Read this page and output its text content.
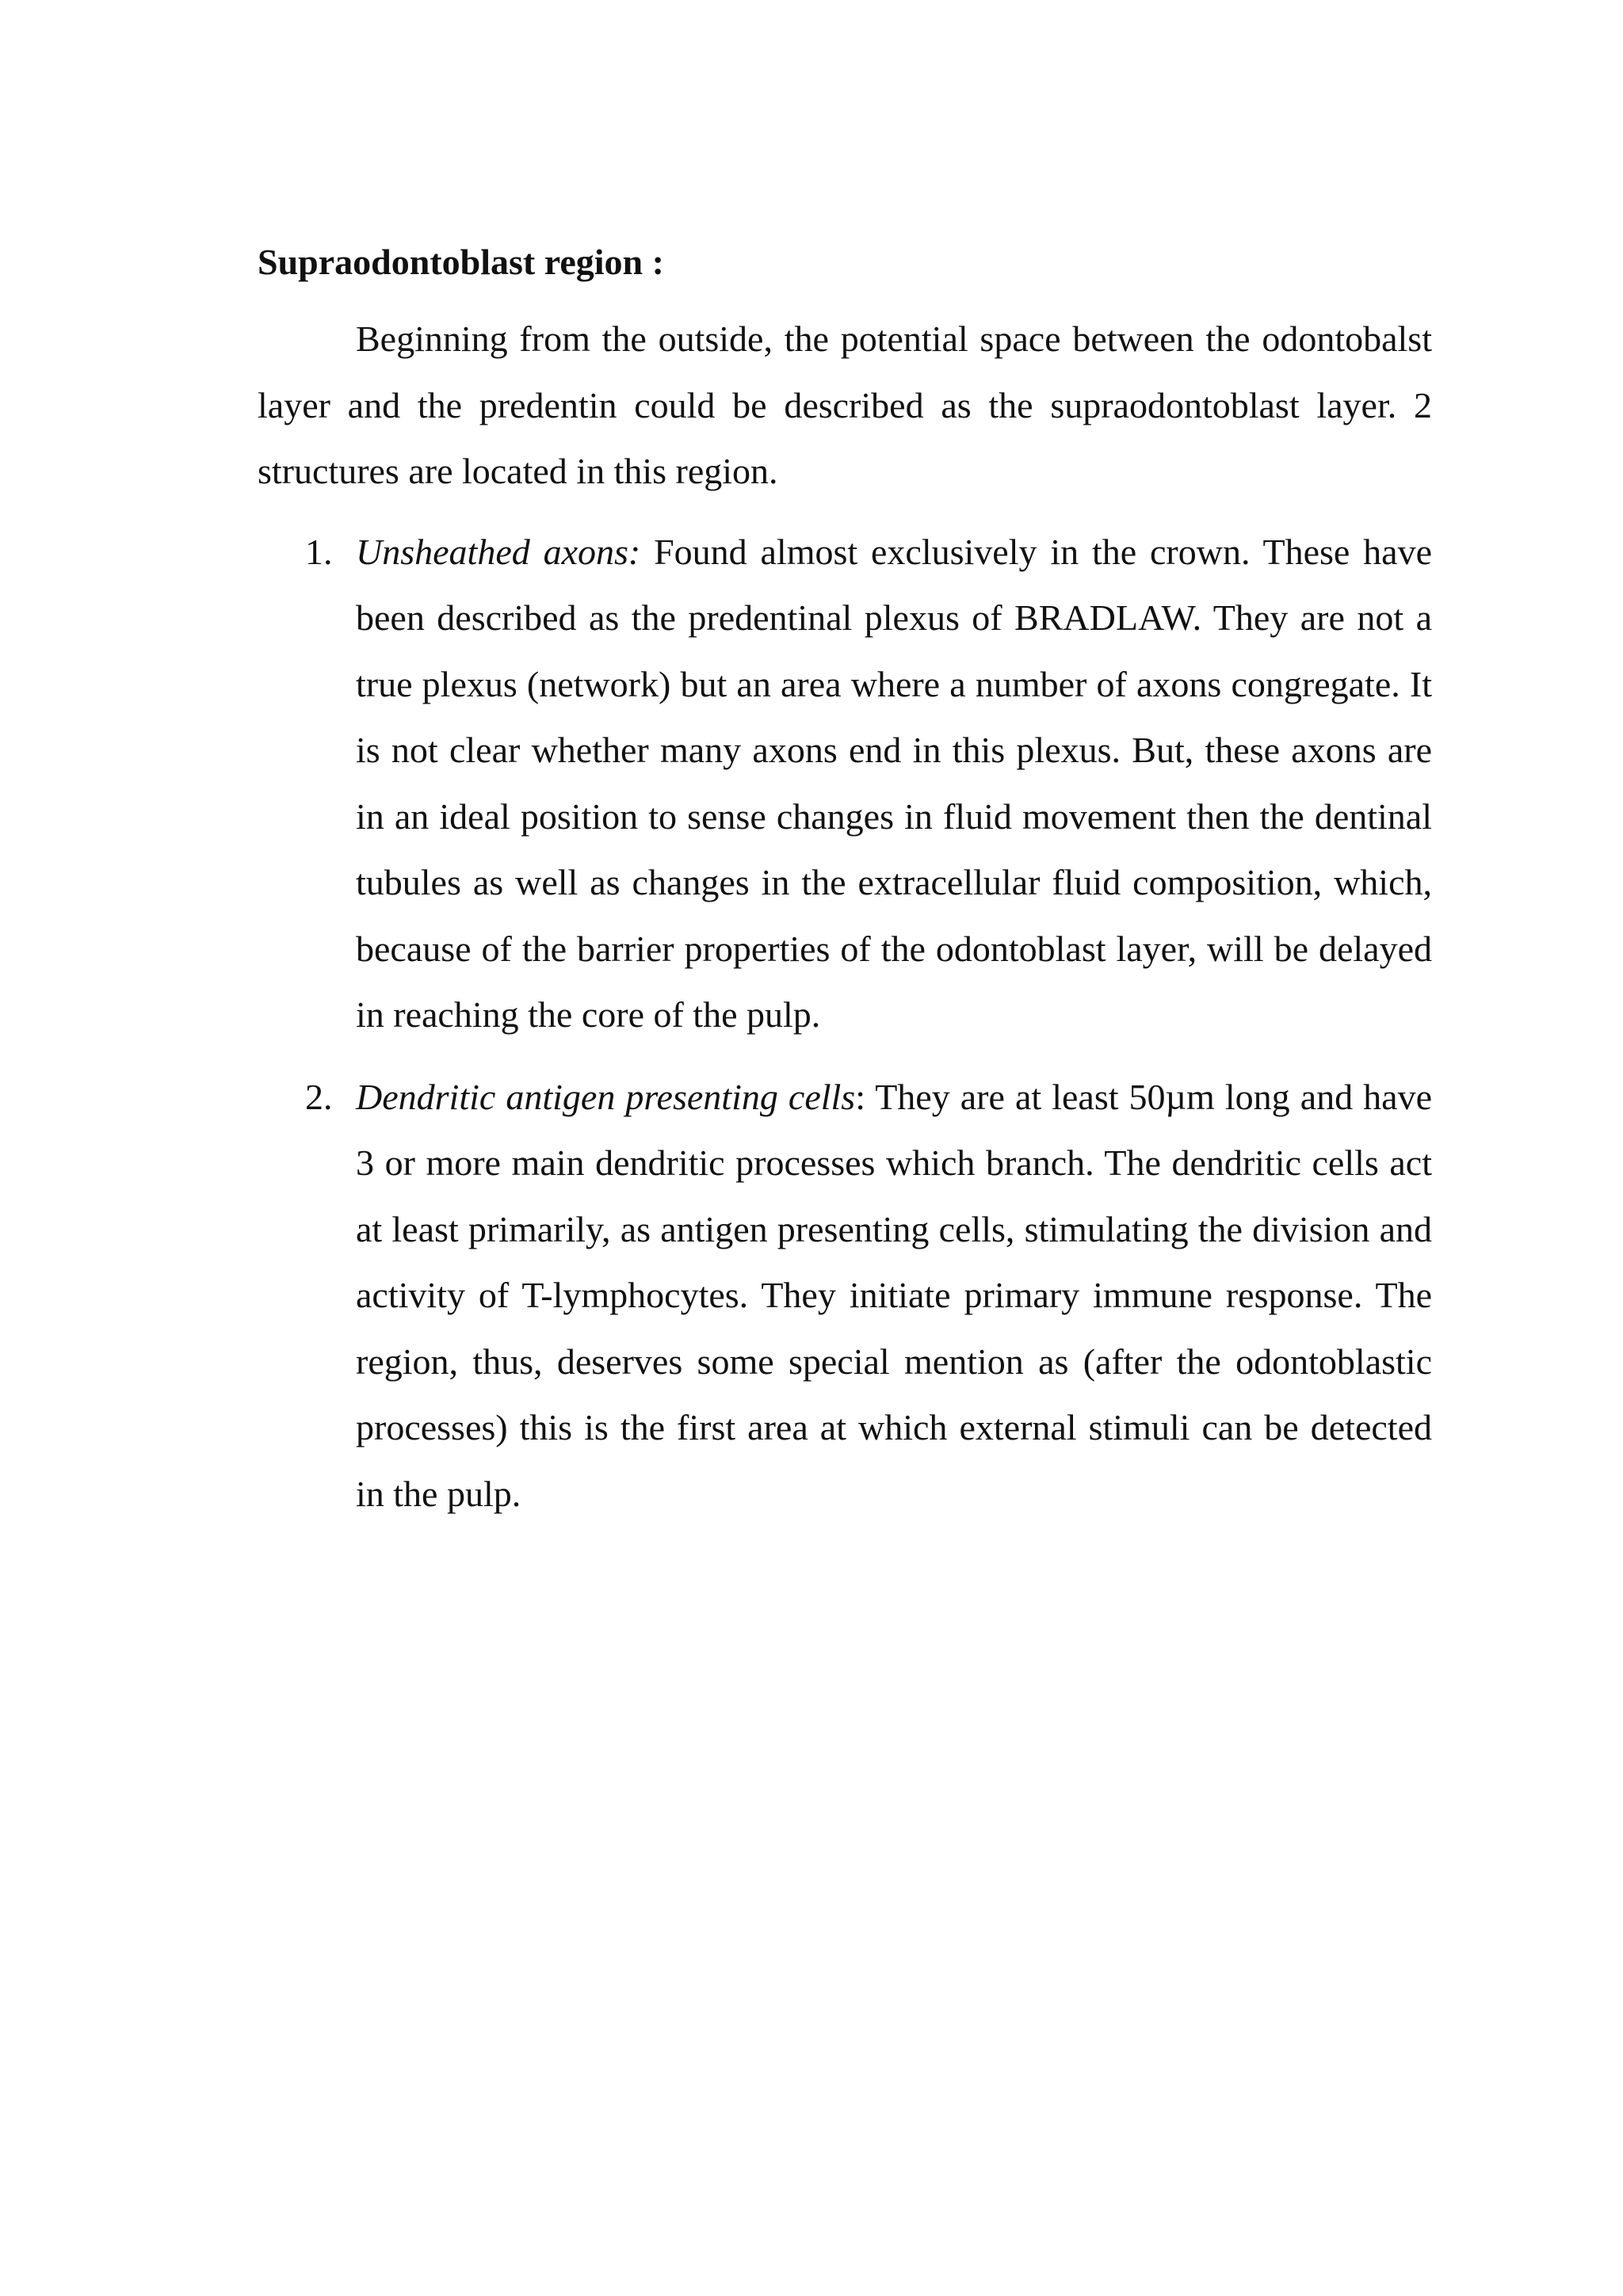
Supraodontoblast region :

Beginning from the outside, the potential space between the odontobalst layer and the predentin could be described as the supraodontoblast layer. 2 structures are located in this region.

1. Unsheathed axons: Found almost exclusively in the crown. These have been described as the predentinal plexus of BRADLAW. They are not a true plexus (network) but an area where a number of axons congregate. It is not clear whether many axons end in this plexus. But, these axons are in an ideal position to sense changes in fluid movement then the dentinal tubules as well as changes in the extracellular fluid composition, which, because of the barrier properties of the odontoblast layer, will be delayed in reaching the core of the pulp.
2. Dendritic antigen presenting cells: They are at least 50µm long and have 3 or more main dendritic processes which branch. The dendritic cells act at least primarily, as antigen presenting cells, stimulating the division and activity of T-lymphocytes. They initiate primary immune response. The region, thus, deserves some special mention as (after the odontoblastic processes) this is the first area at which external stimuli can be detected in the pulp.
